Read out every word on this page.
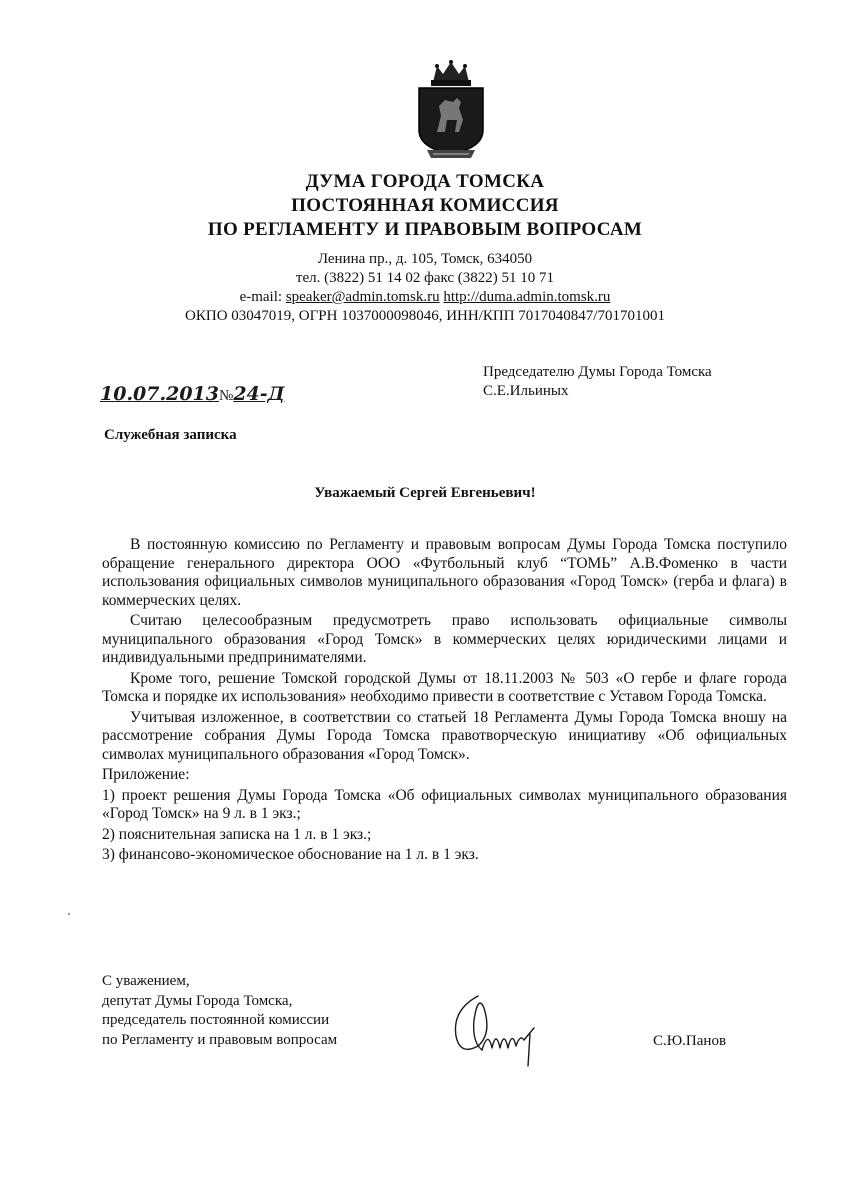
ДУМА ГОРОДА ТОМСКА
ПОСТОЯННАЯ КОМИССИЯ
ПО РЕГЛАМЕНТУ И ПРАВОВЫМ ВОПРОСАМ
Ленина пр., д. 105, Томск, 634050
тел. (3822) 51 14 02 факс (3822) 51 10 71
e-mail: speaker@admin.tomsk.ru http://duma.admin.tomsk.ru
ОКПО 03047019, ОГРН 1037000098046, ИНН/КПП 7017040847/701701001
Председателю Думы Города Томска
С.Е.Ильиных
10.07.2013№24-Д
Служебная записка
Уважаемый Сергей Евгеньевич!

В постоянную комиссию по Регламенту и правовым вопросам Думы Города Томска поступило обращение генерального директора ООО «Футбольный клуб “ТОМЬ” А.В.Фоменко в части использования официальных символов муниципального образования «Город Томск» (герба и флага) в коммерческих целях.

Считаю целесообразным предусмотреть право использовать официальные символы муниципального образования «Город Томск» в коммерческих целях юридическими лицами и индивидуальными предпринимателями.

Кроме того, решение Томской городской Думы от 18.11.2003 № 503 «О гербе и флаге города Томска и порядке их использования» необходимо привести в соответствие с Уставом Города Томска.

Учитывая изложенное, в соответствии со статьей 18 Регламента Думы Города Томска вношу на рассмотрение собрания Думы Города Томска правотворческую инициативу «Об официальных символах муниципального образования «Город Томск».

Приложение:

1) проект решения Думы Города Томска «Об официальных символах муниципального образования «Город Томск» на 9 л. в 1 экз.;

2) пояснительная записка на 1 л. в 1 экз.;

3) финансово-экономическое обоснование на 1 л. в 1 экз.

С уважением,
депутат Думы Города Томска,
председатель постоянной комиссии
по Регламенту и правовым вопросам	С.Ю.Панов
